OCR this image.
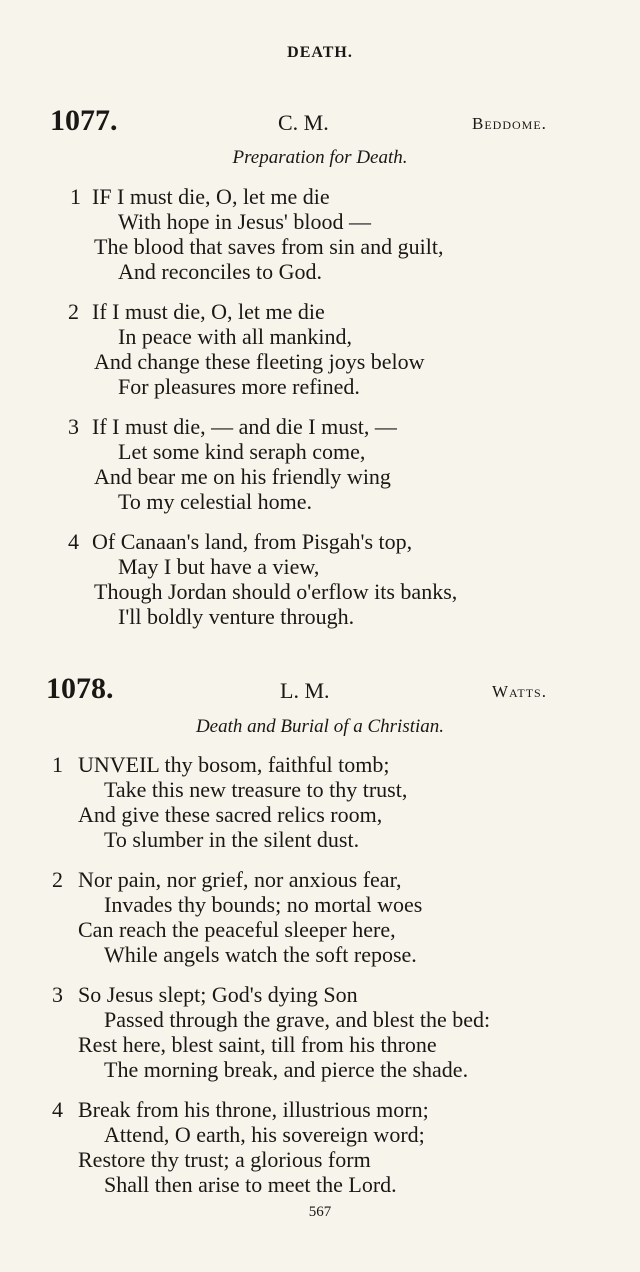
DEATH.
1077.	C. M.	Beddome.
Preparation for Death.
1 IF I must die, O, let me die
With hope in Jesus' blood —
The blood that saves from sin and guilt,
And reconciles to God.
2 If I must die, O, let me die
In peace with all mankind,
And change these fleeting joys below
For pleasures more refined.
3 If I must die, — and die I must, —
Let some kind seraph come,
And bear me on his friendly wing
To my celestial home.
4 Of Canaan's land, from Pisgah's top,
May I but have a view,
Though Jordan should o'erflow its banks,
I'll boldly venture through.
1078.	L. M.	Watts.
Death and Burial of a Christian.
1 UNVEIL thy bosom, faithful tomb;
Take this new treasure to thy trust,
And give these sacred relics room,
To slumber in the silent dust.
2 Nor pain, nor grief, nor anxious fear,
Invades thy bounds; no mortal woes
Can reach the peaceful sleeper here,
While angels watch the soft repose.
3 So Jesus slept; God's dying Son
Passed through the grave, and blest the bed:
Rest here, blest saint, till from his throne
The morning break, and pierce the shade.
4 Break from his throne, illustrious morn;
Attend, O earth, his sovereign word;
Restore thy trust; a glorious form
Shall then arise to meet the Lord.
567
